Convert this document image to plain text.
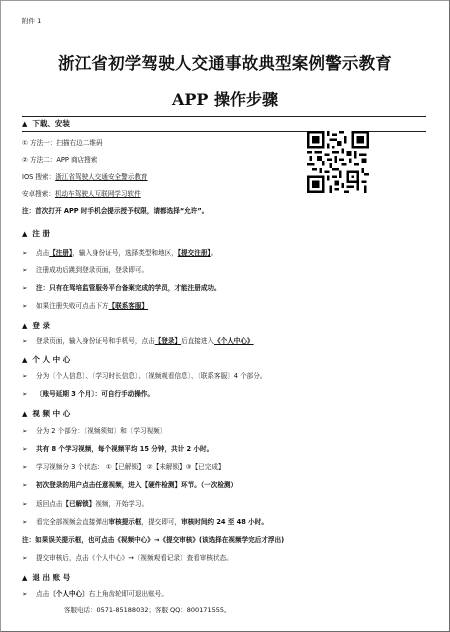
附件 1
浙江省初学驾驶人交通事故典型案例警示教育
APP 操作步骤
▲ 下载、安装
① 方法一：扫描右边二维码
② 方法二：APP 商店搜索
IOS 搜索：浙江省驾驶人交通安全警示教育
安卓搜索：机动车驾驶人互联网学习软件
注：首次打开 APP 时手机会提示授予权限，请都选择“允许”。
▲ 注 册
➢ 点击【注册】，输入身份证号，选择类型和地区，【提交注册】。
➢ 注册成功后跳到登录页面，登录即可。
➢ 注：只有在驾培监管服务平台备案完成的学员，才能注册成功。
➢ 如果注册失败可点击下方【联系客服】
▲ 登 录
➢ 登录页面，输入身份证号和手机号，点击【登录】后直接进入《个人中心》
▲ 个 人 中 心
➢ 分为〔个人信息〕、〔学习时长信息〕、〔视频观看信息〕、〔联系客服〕4 个部分。
➢ 〔账号延期 3 个月〕：可自行手动操作。
▲ 视 频 中 心
➢ 分为 2 个部分：〔视频须知〕和〔学习视频〕
➢ 共有 8 个学习视频，每个视频平均 15 分钟，共计 2 小时。
➢ 学习视频分 3 个状态： ①【已解锁】 ②【未解锁】③【已完成】
➢ 初次登录的用户点击任意视频，进入【硬件检测】环节。（一次检测）
➢ 返回点击【已解锁】视频，开始学习。
➢ 看完全部视频会直接弹出审核提示框，提交即可，审核时间约 24 至 48 小时。
注：如果误关提示框，也可点击《视频中心》→《提交审核》(该选择在视频学完后才浮出)
➢ 提交审核后，点击《个人中心》→〔视频观看记录〕查看审核状态。
▲ 退 出 账 号
➢ 点击〔个人中心〕右上角齿轮即可退出账号。
客服电话：0571-85188032；客服 QQ：800171555。
